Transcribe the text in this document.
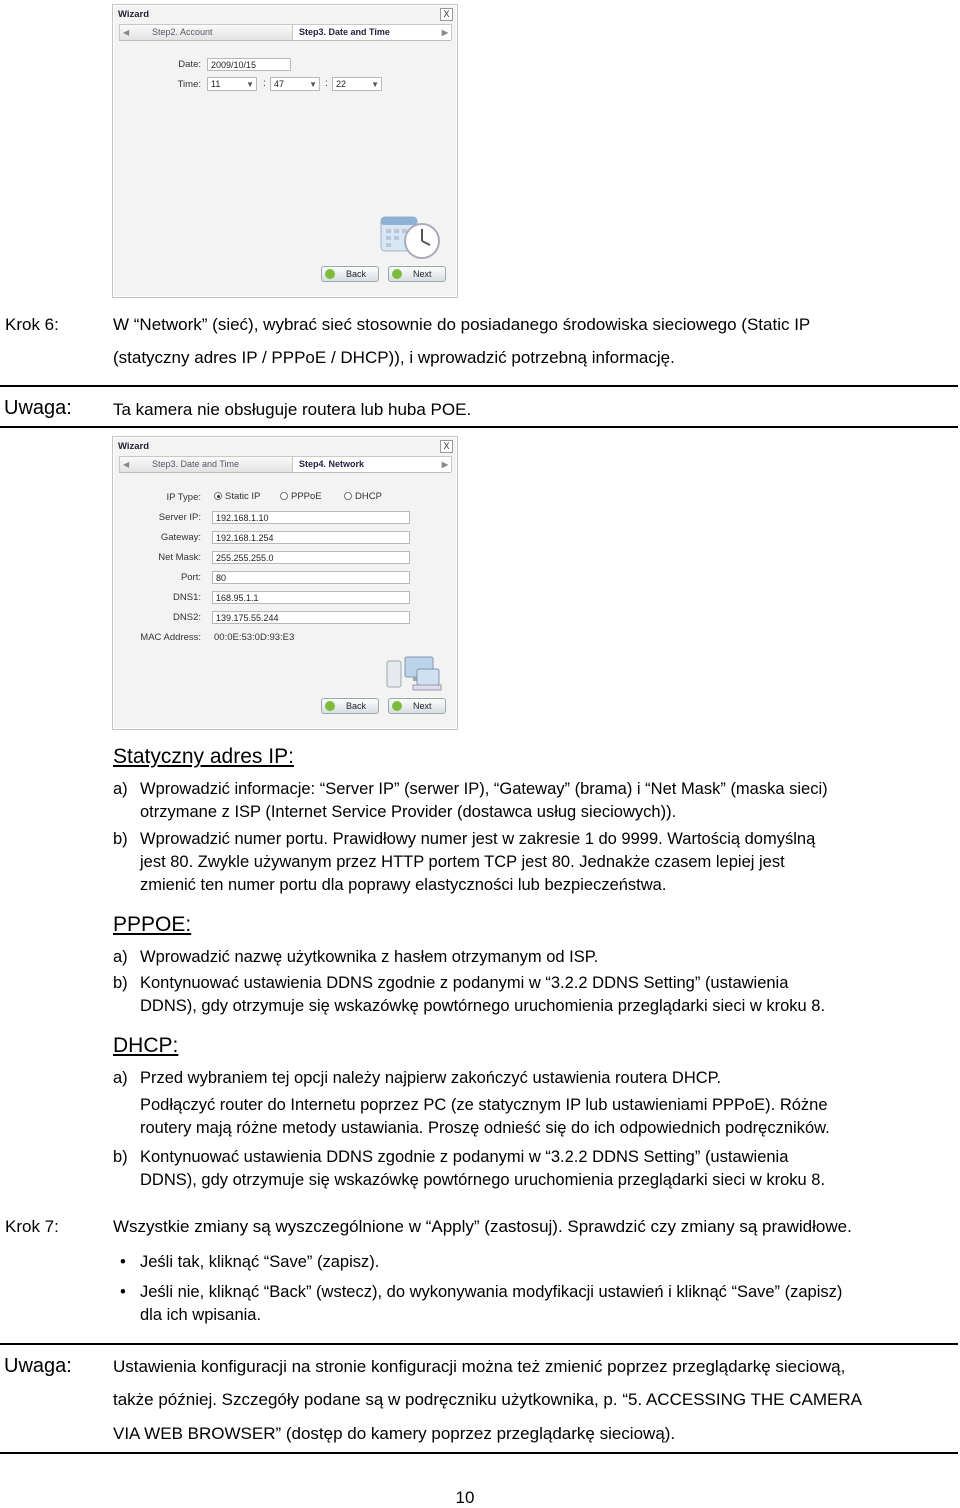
Wizard	X
◀	Step2. Account	Step3. Date and Time	▶
Date:	2009/10/15
Time:	11	▼ : 47	▼ : 22	▼
Back	Next
Krok 6:	W “Network” (sieć), wybrać sieć stosownie do posiadanego środowiska sieciowego (Static IP
(statyczny adres IP / PPPoE / DHCP)), i wprowadzić potrzebną informację.
Uwaga: Ta kamera nie obsługuje routera lub huba POE.
Wizard	X
◀	Step3. Date and Time	Step4. Network	▶
IP Type:	Static IP	PPPoE	DHCP
Server IP:	192.168.1.10
Gateway:	192.168.1.254
Net Mask:	255.255.255.0
Port:	80
DNS1:	168.95.1.1
DNS2:	139.175.55.244
MAC Address: 00:0E:53:0D:93:E3
Back	Next
Statyczny adres IP:
a) Wprowadzić informacje: “Server IP” (serwer IP), “Gateway” (brama) i “Net Mask” (maska sieci)
otrzymane z ISP (Internet Service Provider (dostawca usług sieciowych)).
b) Wprowadzić numer portu. Prawidłowy numer jest w zakresie 1 do 9999. Wartością domyślną
jest 80. Zwykle używanym przez HTTP portem TCP jest 80. Jednakże czasem lepiej jest
zmienić ten numer portu dla poprawy elastyczności lub bezpieczeństwa.
PPPOE:
a) Wprowadzić nazwę użytkownika z hasłem otrzymanym od ISP.
b) Kontynuować ustawienia DDNS zgodnie z podanymi w “3.2.2 DDNS Setting” (ustawienia
DDNS), gdy otrzymuje się wskazówkę powtórnego uruchomienia przeglądarki sieci w kroku 8.
DHCP:
a) Przed wybraniem tej opcji należy najpierw zakończyć ustawienia routera DHCP.
Podłączyć router do Internetu poprzez PC (ze statycznym IP lub ustawieniami PPPoE). Różne
routery mają różne metody ustawiania. Proszę odnieść się do ich odpowiednich podręczników.
b) Kontynuować ustawienia DDNS zgodnie z podanymi w “3.2.2 DDNS Setting” (ustawienia
DDNS), gdy otrzymuje się wskazówkę powtórnego uruchomienia przeglądarki sieci w kroku 8.
Krok 7:	Wszystkie zmiany są wyszczególnione w “Apply” (zastosuj). Sprawdzić czy zmiany są prawidłowe.
• Jeśli tak, kliknąć “Save” (zapisz).
• Jeśli nie, kliknąć “Back” (wstecz), do wykonywania modyfikacji ustawień i kliknąć “Save” (zapisz)
dla ich wpisania.
Uwaga: Ustawienia konfiguracji na stronie konfiguracji można też zmienić poprzez przeglądarkę sieciową,
także później. Szczegóły podane są w podręczniku użytkownika, p. “5. ACCESSING THE CAMERA
VIA WEB BROWSER” (dostęp do kamery poprzez przeglądarkę sieciową).
10
